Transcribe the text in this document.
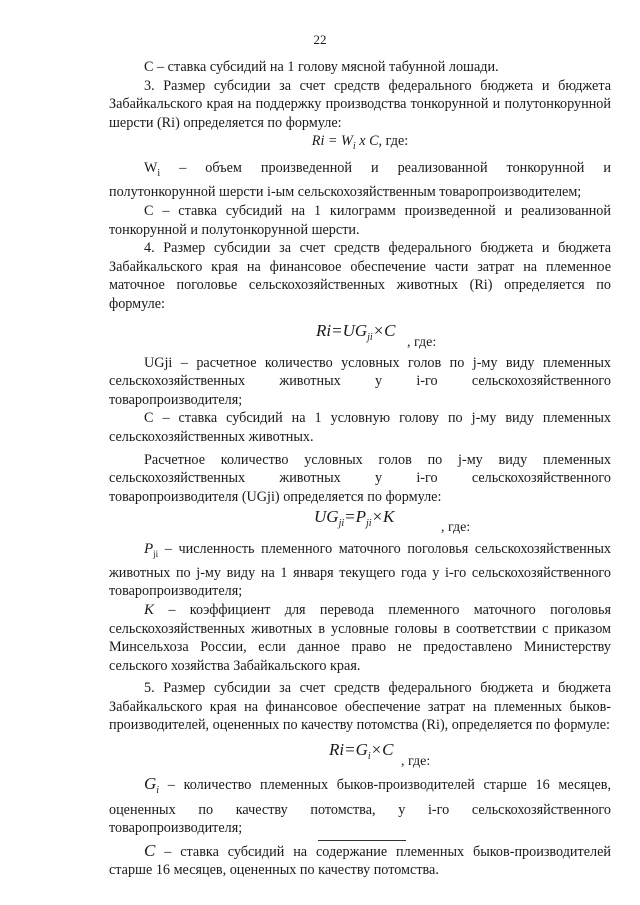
22

С – ставка субсидий на 1 голову мясной табунной лошади.

3. Размер субсидии за счет средств федерального бюджета и бюджета Забайкальского края на поддержку производства тонкорунной и полутонкорунной шерсти (Ri) определяется по формуле:

$Ri = W_i$ x C, где:

$W_i$ – объем произведенной и реализованной тонкорунной и полутонкорунной шерсти i-ым сельскохозяйственным товаропроизводителем;

С – ставка субсидий на 1 килограмм произведенной и реализованной тонкорунной и полутонкорунной шерсти.

4. Размер субсидии за счет средств федерального бюджета и бюджета Забайкальского края на финансовое обеспечение части затрат на племенное маточное поголовье сельскохозяйственных животных (Ri) определяется по формуле:

$Ri=UG_{ji}\times C$
, где:

UGji – расчетное количество условных голов по j-му виду племенных сельскохозяйственных животных у i-го сельскохозяйственного товаропроизводителя;

С – ставка субсидий на 1 условную голову по j-му виду племенных сельскохозяйственных животных.

Расчетное количество условных голов по j-му виду племенных сельскохозяйственных животных у i-го сельскохозяйственного товаропроизводителя (UGji) определяется по формуле:

$UG_{ji}=P_{ji}\times K$
, где:

$P_{ji}$ – численность племенного маточного поголовья сельскохозяйственных животных по j-му виду на 1 января текущего года у i-го сельскохозяйственного товаропроизводителя;

K – коэффициент для перевода племенного маточного поголовья сельскохозяйственных животных в условные головы в соответствии с приказом Минсельхоза России, если данное право не предоставлено Министерству сельского хозяйства Забайкальского края.

5. Размер субсидии за счет средств федерального бюджета и бюджета Забайкальского края на финансовое обеспечение затрат на племенных быков-производителей, оцененных по качеству потомства (Ri), определяется по формуле:

$Ri=G_i\times C$
, где:

$G_i$ – количество племенных быков-производителей старше 16 месяцев, оцененных по качеству потомства, у i-го сельскохозяйственного товаропроизводителя;

C – ставка субсидий на содержание племенных быков-производителей старше 16 месяцев, оцененных по качеству потомства.
